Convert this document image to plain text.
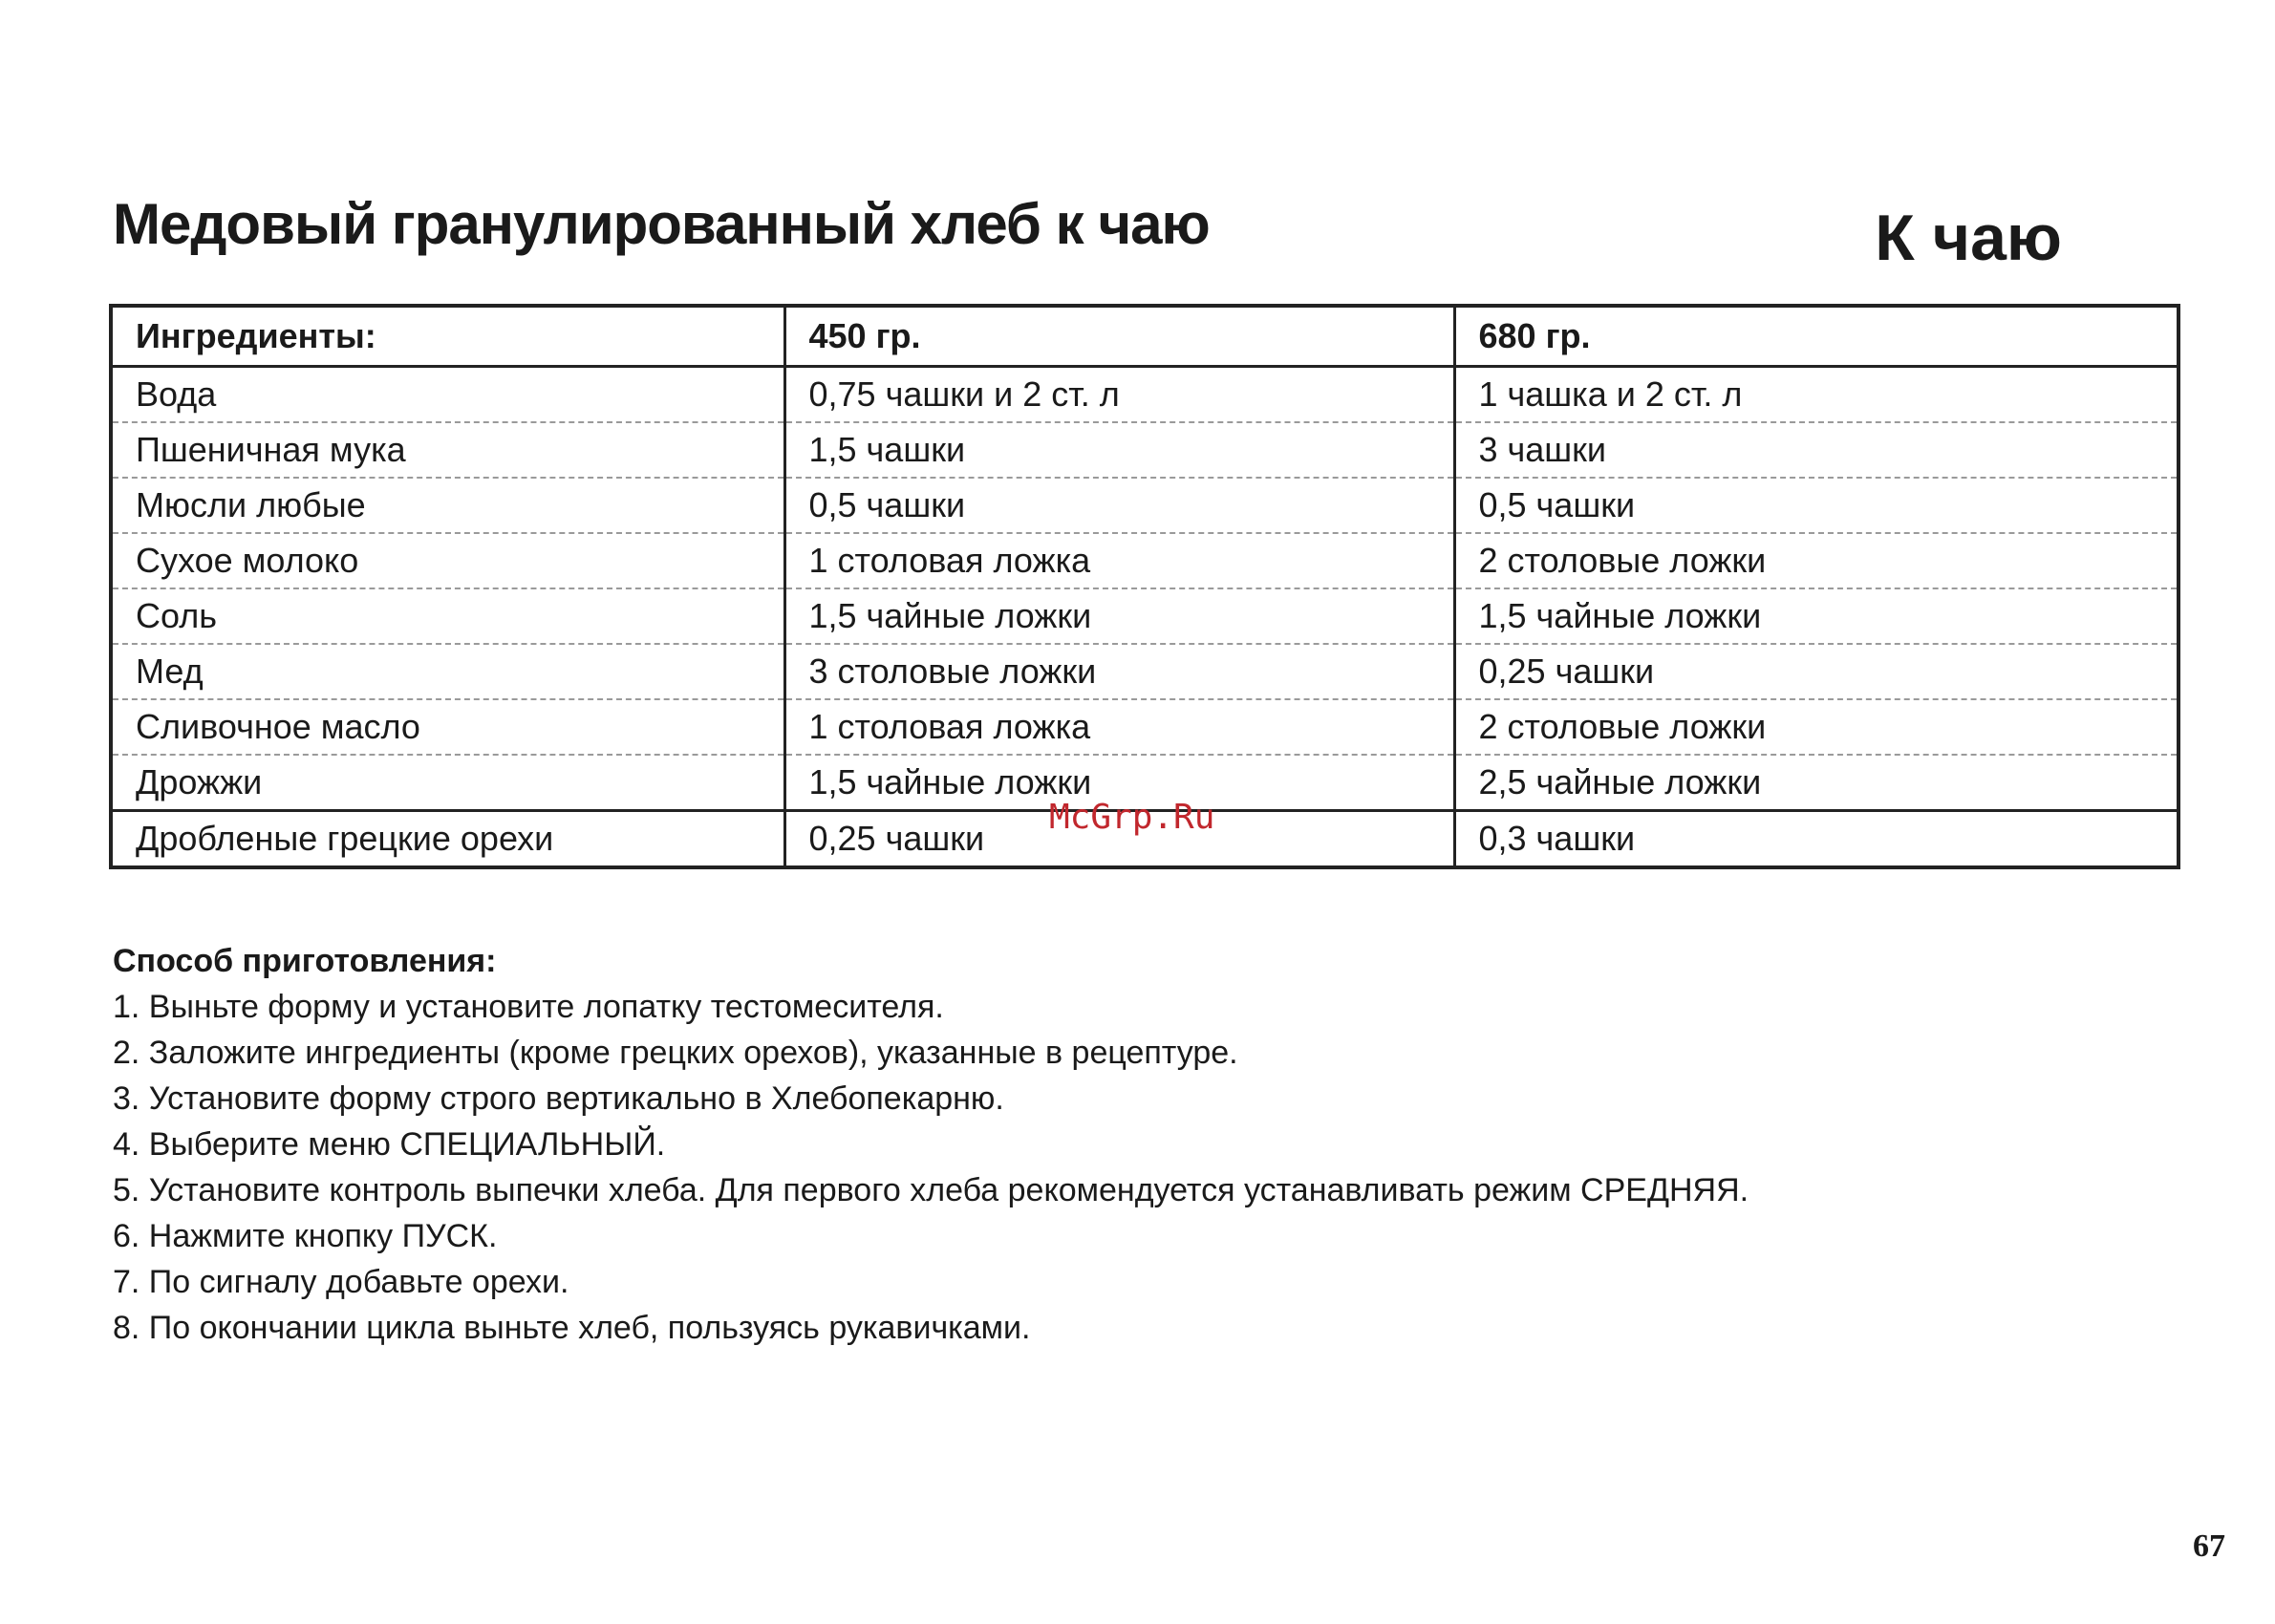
Медовый гранулированный хлеб к чаю	К чаю
Ингредиенты:	450 гр.	680 гр.
Вода	0,75 чашки и 2 ст. л	1 чашка и 2 ст. л
Пшеничная мука	1,5 чашки	3 чашки
Мюсли любые	0,5 чашки	0,5 чашки
Сухое молоко	1 столовая ложка	2 столовые ложки
Соль	1,5 чайные ложки	1,5 чайные ложки
Мед	3 столовые ложки	0,25 чашки
Сливочное масло	1 столовая ложка	2 столовые ложки
Дрожжи	1,5 чайные ложки	2,5 чайные ложки
Дробленые грецкие орехи	0,25 чашки	0,3 чашки
McGrp.Ru
Способ приготовления:
1. Выньте форму и установите лопатку тестомесителя.
2. Заложите ингредиенты (кроме грецких орехов), указанные в рецептуре.
3. Установите форму строго вертикально в Хлебопекарню.
4. Выберите меню СПЕЦИАЛЬНЫЙ.
5. Установите контроль выпечки хлеба. Для первого хлеба рекомендуется устанавливать режим СРЕДНЯЯ.
6. Нажмите кнопку ПУСК.
7. По сигналу добавьте орехи.
8. По окончании цикла выньте хлеб, пользуясь рукавичками.
67
